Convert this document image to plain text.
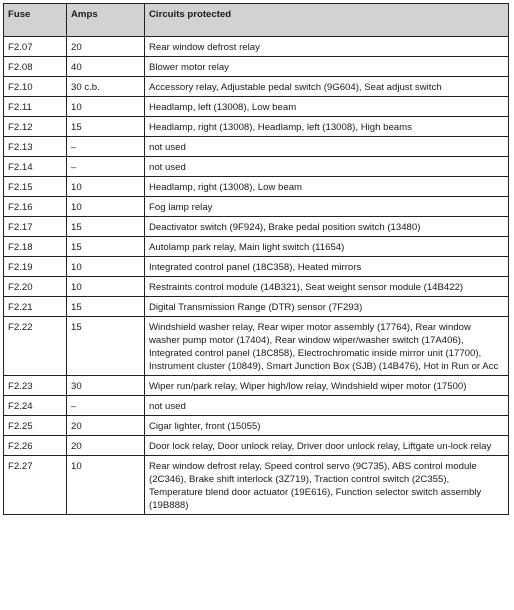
Fuse	Amps	Circuits protected
F2.07	20	Rear window defrost relay
F2.08	40	Blower motor relay
F2.10	30 c.b.	Accessory relay, Adjustable pedal switch (9G604), Seat adjust switch
F2.11	10	Headlamp, left (13008), Low beam
F2.12	15	Headlamp, right (13008), Headlamp, left (13008), High beams
F2.13	–	not used
F2.14	–	not used
F2.15	10	Headlamp, right (13008), Low beam
F2.16	10	Fog lamp relay
F2.17	15	Deactivator switch (9F924), Brake pedal position switch (13480)
F2.18	15	Autolamp park relay, Main light switch (11654)
F2.19	10	Integrated control panel (18C358), Heated mirrors
F2.20	10	Restraints control module (14B321), Seat weight sensor module (14B422)
F2.21	15	Digital Transmission Range (DTR) sensor (7F293)
F2.22	15	Windshield washer relay, Rear wiper motor assembly (17764), Rear window washer pump motor (17404), Rear window wiper/washer switch (17A406), Integrated control panel (18C858), Electrochromatic inside mirror unit (17700), Instrument cluster (10849), Smart Junction Box (SJB) (14B476), Hot in Run or Acc
F2.23	30	Wiper run/park relay, Wiper high/low relay, Windshield wiper motor (17500)
F2.24	–	not used
F2.25	20	Cigar lighter, front (15055)
F2.26	20	Door lock relay, Door unlock relay, Driver door unlock relay, Liftgate un-lock relay
F2.27	10	Rear window defrost relay, Speed control servo (9C735), ABS control module (2C346), Brake shift interlock (3Z719), Traction control switch (2C355), Temperature blend door actuator (19E616), Function selector switch assembly (19B888)
